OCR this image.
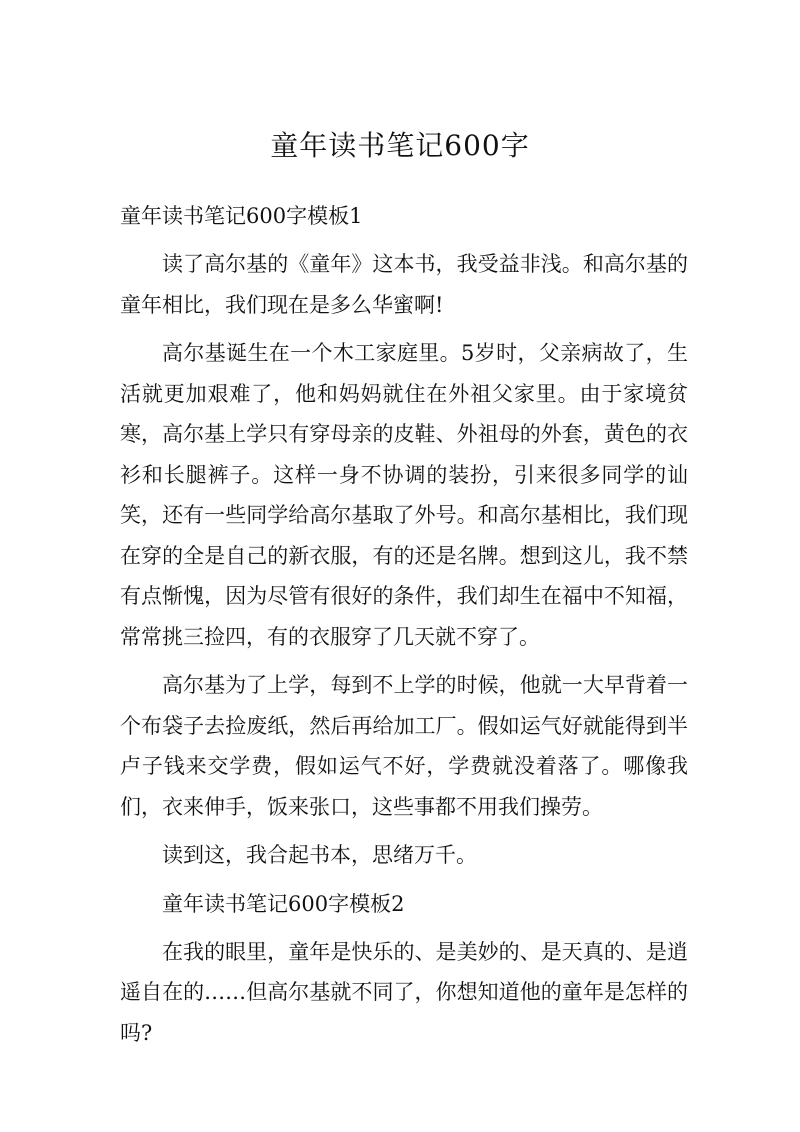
童年读书笔记600字
童年读书笔记600字模板1

读了高尔基的《童年》这本书，我受益非浅。和高尔基的童年相比，我们现在是多么华蜜啊!

高尔基诞生在一个木工家庭里。5岁时，父亲病故了，生活就更加艰难了，他和妈妈就住在外祖父家里。由于家境贫寒，高尔基上学只有穿母亲的皮鞋、外祖母的外套，黄色的衣衫和长腿裤子。这样一身不协调的装扮，引来很多同学的讪笑，还有一些同学给高尔基取了外号。和高尔基相比，我们现在穿的全是自己的新衣服，有的还是名牌。想到这儿，我不禁有点惭愧，因为尽管有很好的条件，我们却生在福中不知福，常常挑三捡四，有的衣服穿了几天就不穿了。

高尔基为了上学，每到不上学的时候，他就一大早背着一个布袋子去捡废纸，然后再给加工厂。假如运气好就能得到半卢子钱来交学费，假如运气不好，学费就没着落了。哪像我们，衣来伸手，饭来张口，这些事都不用我们操劳。

读到这，我合起书本，思绪万千。

童年读书笔记600字模板2

在我的眼里，童年是快乐的、是美妙的、是天真的、是逍遥自在的……但高尔基就不同了，你想知道他的童年是怎样的吗?
